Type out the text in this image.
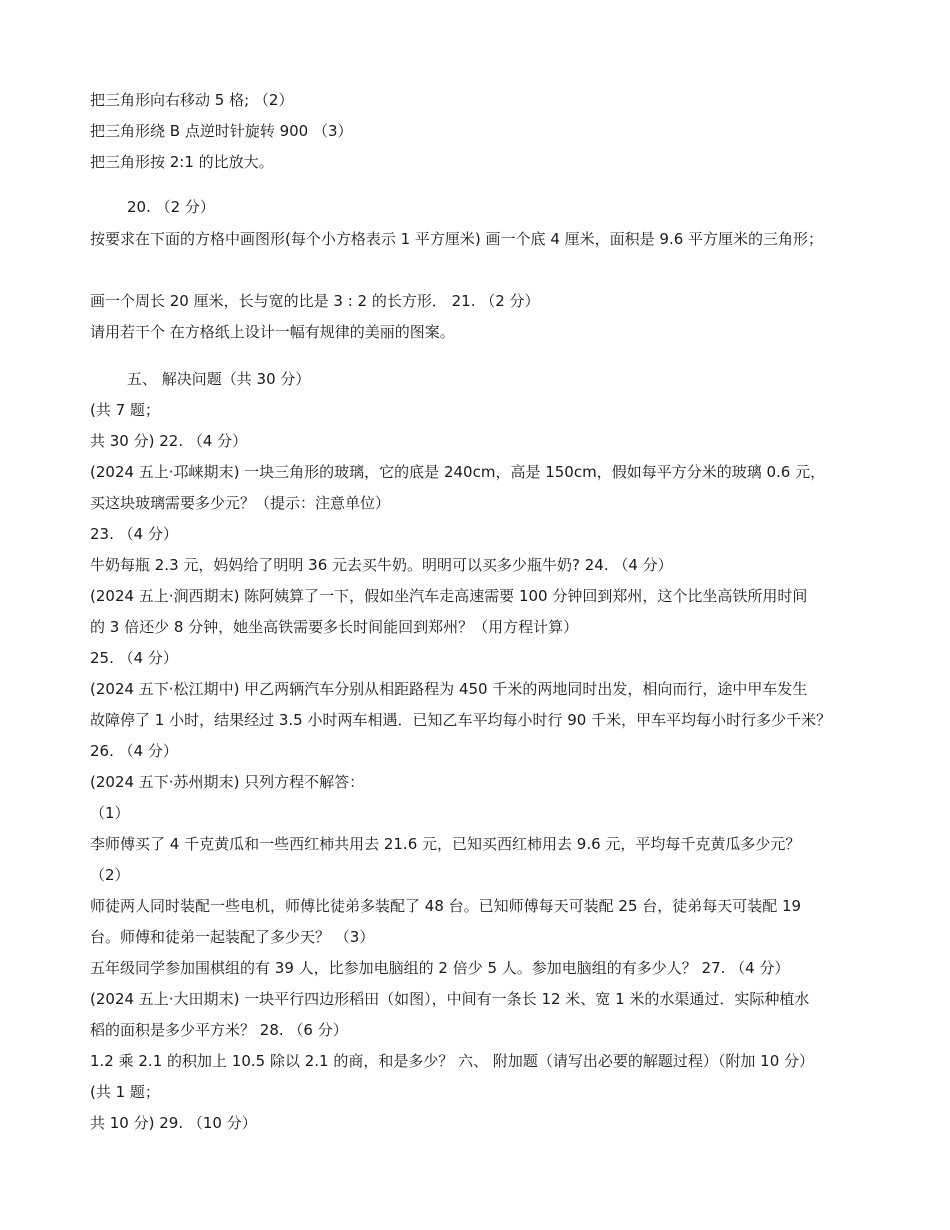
把三角形向右移动 5 格; （2）
把三角形绕 B 点逆时针旋转 900 （3）
把三角形按 2:1 的比放大。
20. （2 分）
按要求在下面的方格中画图形(每个小方格表示 1 平方厘米) 画一个底 4 厘米，面积是 9.6 平方厘米的三角形；
画一个周长 20 厘米，长与宽的比是 3 : 2 的长方形． 21. （2 分）
请用若干个 在方格纸上设计一幅有规律的美丽的图案。
五、 解决问题（共 30 分）
(共 7 题；
共 30 分) 22. （4 分）
(2024 五上·邛崃期末) 一块三角形的玻璃，它的底是 240cm，高是 150cm，假如每平方分米的玻璃 0.6 元，
买这块玻璃需要多少元？（提示：注意单位）
23. （4 分）
牛奶每瓶 2.3 元，妈妈给了明明 36 元去买牛奶。明明可以买多少瓶牛奶? 24. （4 分）
(2024 五上·涧西期末) 陈阿姨算了一下，假如坐汽车走高速需要 100 分钟回到郑州，这个比坐高铁所用时间
的 3 倍还少 8 分钟，她坐高铁需要多长时间能回到郑州？（用方程计算）
25. （4 分）
(2024 五下·松江期中) 甲乙两辆汽车分别从相距路程为 450 千米的两地同时出发，相向而行，途中甲车发生
故障停了 1 小时，结果经过 3.5 小时两车相遇．已知乙车平均每小时行 90 千米，甲车平均每小时行多少千米？
26. （4 分）
(2024 五下·苏州期末) 只列方程不解答：
（1）
李师傅买了 4 千克黄瓜和一些西红柿共用去 21.6 元，已知买西红柿用去 9.6 元，平均每千克黄瓜多少元？
（2）
师徒两人同时装配一些电机，师傅比徒弟多装配了 48 台。已知师傅每天可装配 25 台，徒弟每天可装配 19
台。师傅和徒弟一起装配了多少天？ （3）
五年级同学参加围棋组的有 39 人，比参加电脑组的 2 倍少 5 人。参加电脑组的有多少人？ 27. （4 分）
(2024 五上·大田期末) 一块平行四边形稻田（如图），中间有一条长 12 米、宽 1 米的水渠通过．实际种植水
稻的面积是多少平方米？ 28. （6 分）
1.2 乘 2.1 的积加上 10.5 除以 2.1 的商，和是多少？ 六、 附加题（请写出必要的解题过程）（附加 10 分）
(共 1 题；
共 10 分) 29. （10 分）
